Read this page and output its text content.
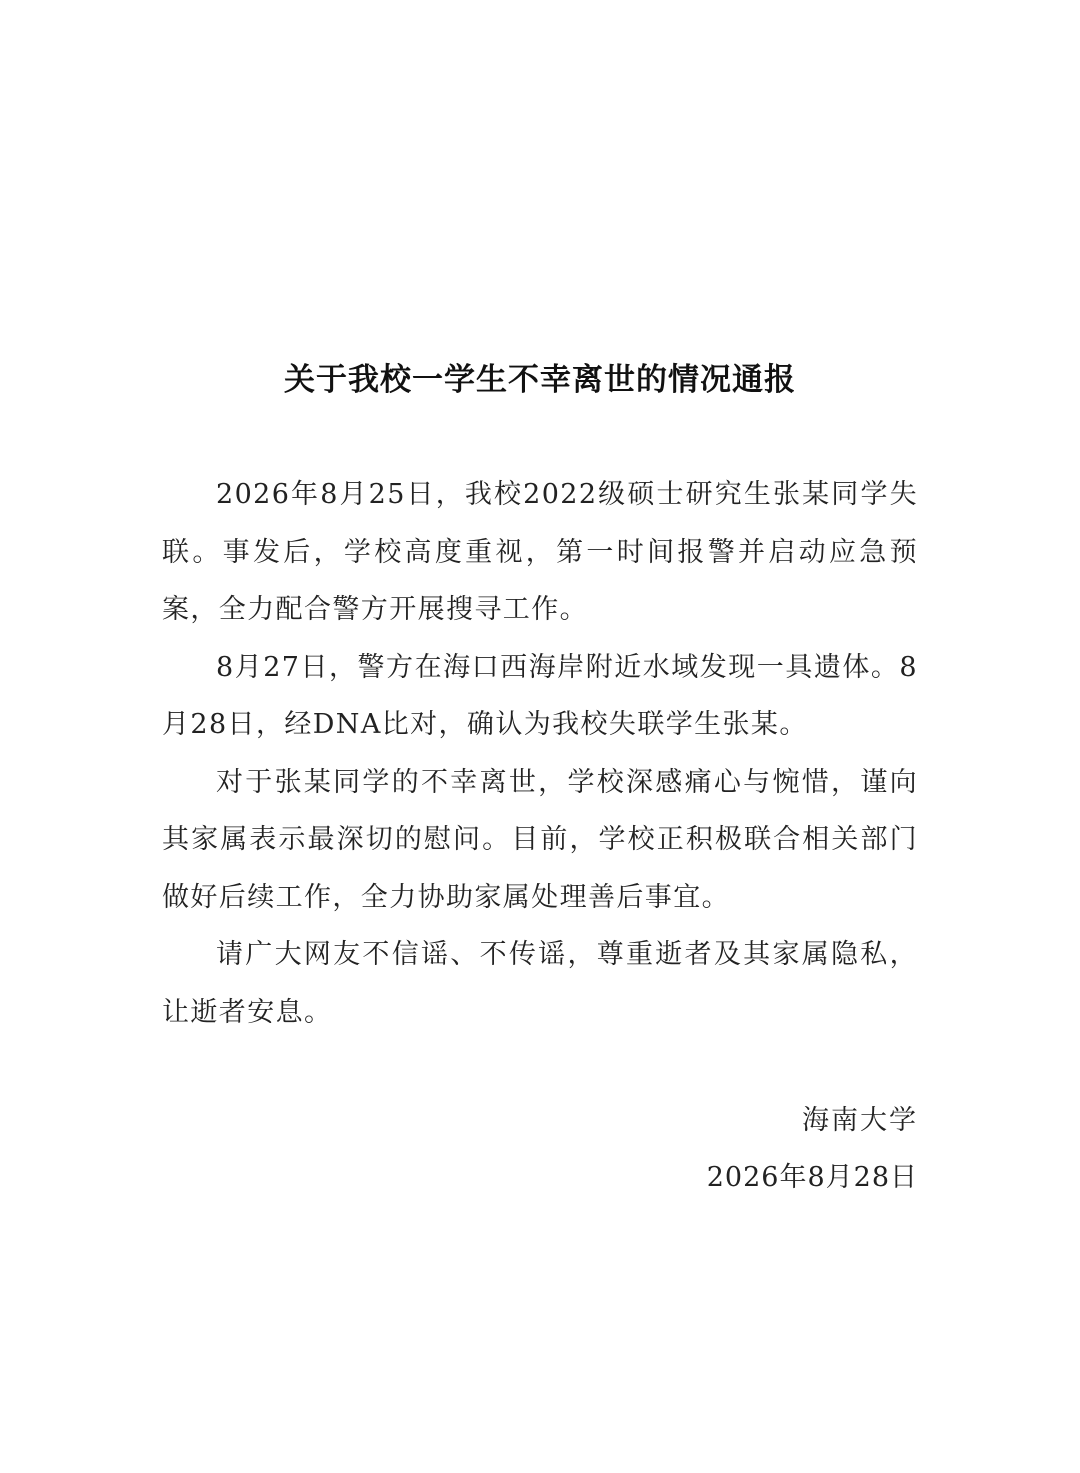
关于我校一学生不幸离世的情况通报

2026年8月25日，我校2022级硕士研究生张某同学失联。事发后，学校高度重视，第一时间报警并启动应急预案，全力配合警方开展搜寻工作。

8月27日，警方在海口西海岸附近水域发现一具遗体。8月28日，经DNA比对，确认为我校失联学生张某。

对于张某同学的不幸离世，学校深感痛心与惋惜，谨向其家属表示最深切的慰问。目前，学校正积极联合相关部门做好后续工作，全力协助家属处理善后事宜。

请广大网友不信谣、不传谣，尊重逝者及其家属隐私，让逝者安息。

海南大学
2026年8月28日
